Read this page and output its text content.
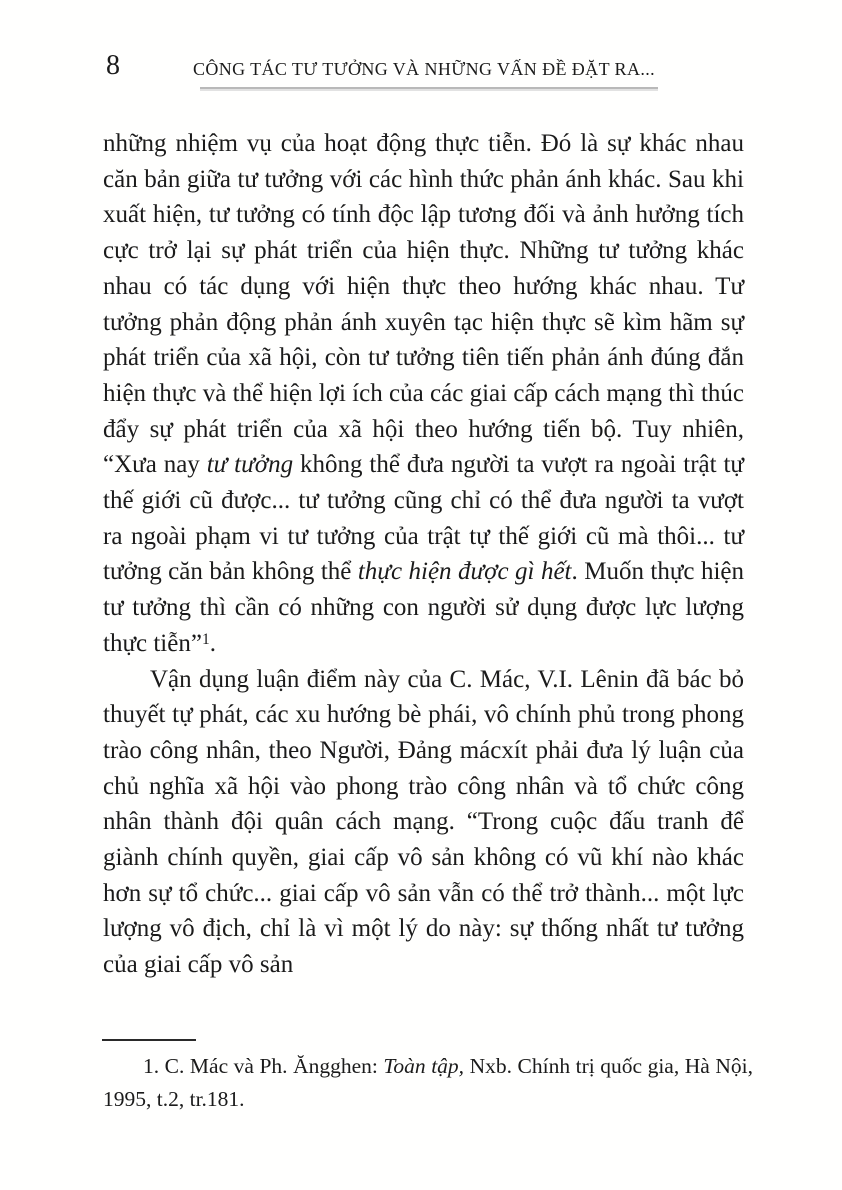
8	CÔNG TÁC TƯ TƯỞNG VÀ NHỮNG VẤN ĐỀ ĐẶT RA...

những nhiệm vụ của hoạt động thực tiễn. Đó là sự khác nhau căn bản giữa tư tưởng với các hình thức phản ánh khác. Sau khi xuất hiện, tư tưởng có tính độc lập tương đối và ảnh hưởng tích cực trở lại sự phát triển của hiện thực. Những tư tưởng khác nhau có tác dụng với hiện thực theo hướng khác nhau. Tư tưởng phản động phản ánh xuyên tạc hiện thực sẽ kìm hãm sự phát triển của xã hội, còn tư tưởng tiên tiến phản ánh đúng đắn hiện thực và thể hiện lợi ích của các giai cấp cách mạng thì thúc đẩy sự phát triển của xã hội theo hướng tiến bộ. Tuy nhiên, “Xưa nay tư tưởng không thể đưa người ta vượt ra ngoài trật tự thế giới cũ được... tư tưởng cũng chỉ có thể đưa người ta vượt ra ngoài phạm vi tư tưởng của trật tự thế giới cũ mà thôi... tư tưởng căn bản không thể thực hiện được gì hết. Muốn thực hiện tư tưởng thì cần có những con người sử dụng được lực lượng thực tiễn”$^1$.

Vận dụng luận điểm này của C. Mác, V.I. Lênin đã bác bỏ thuyết tự phát, các xu hướng bè phái, vô chính phủ trong phong trào công nhân, theo Người, Đảng mácxít phải đưa lý luận của chủ nghĩa xã hội vào phong trào công nhân và tổ chức công nhân thành đội quân cách mạng. “Trong cuộc đấu tranh để giành chính quyền, giai cấp vô sản không có vũ khí nào khác hơn sự tổ chức... giai cấp vô sản vẫn có thể trở thành... một lực lượng vô địch, chỉ là vì một lý do này: sự thống nhất tư tưởng của giai cấp vô sản

1. C. Mác và Ph. Ăngghen: Toàn tập, Nxb. Chính trị quốc gia, Hà Nội, 1995, t.2, tr.181.
